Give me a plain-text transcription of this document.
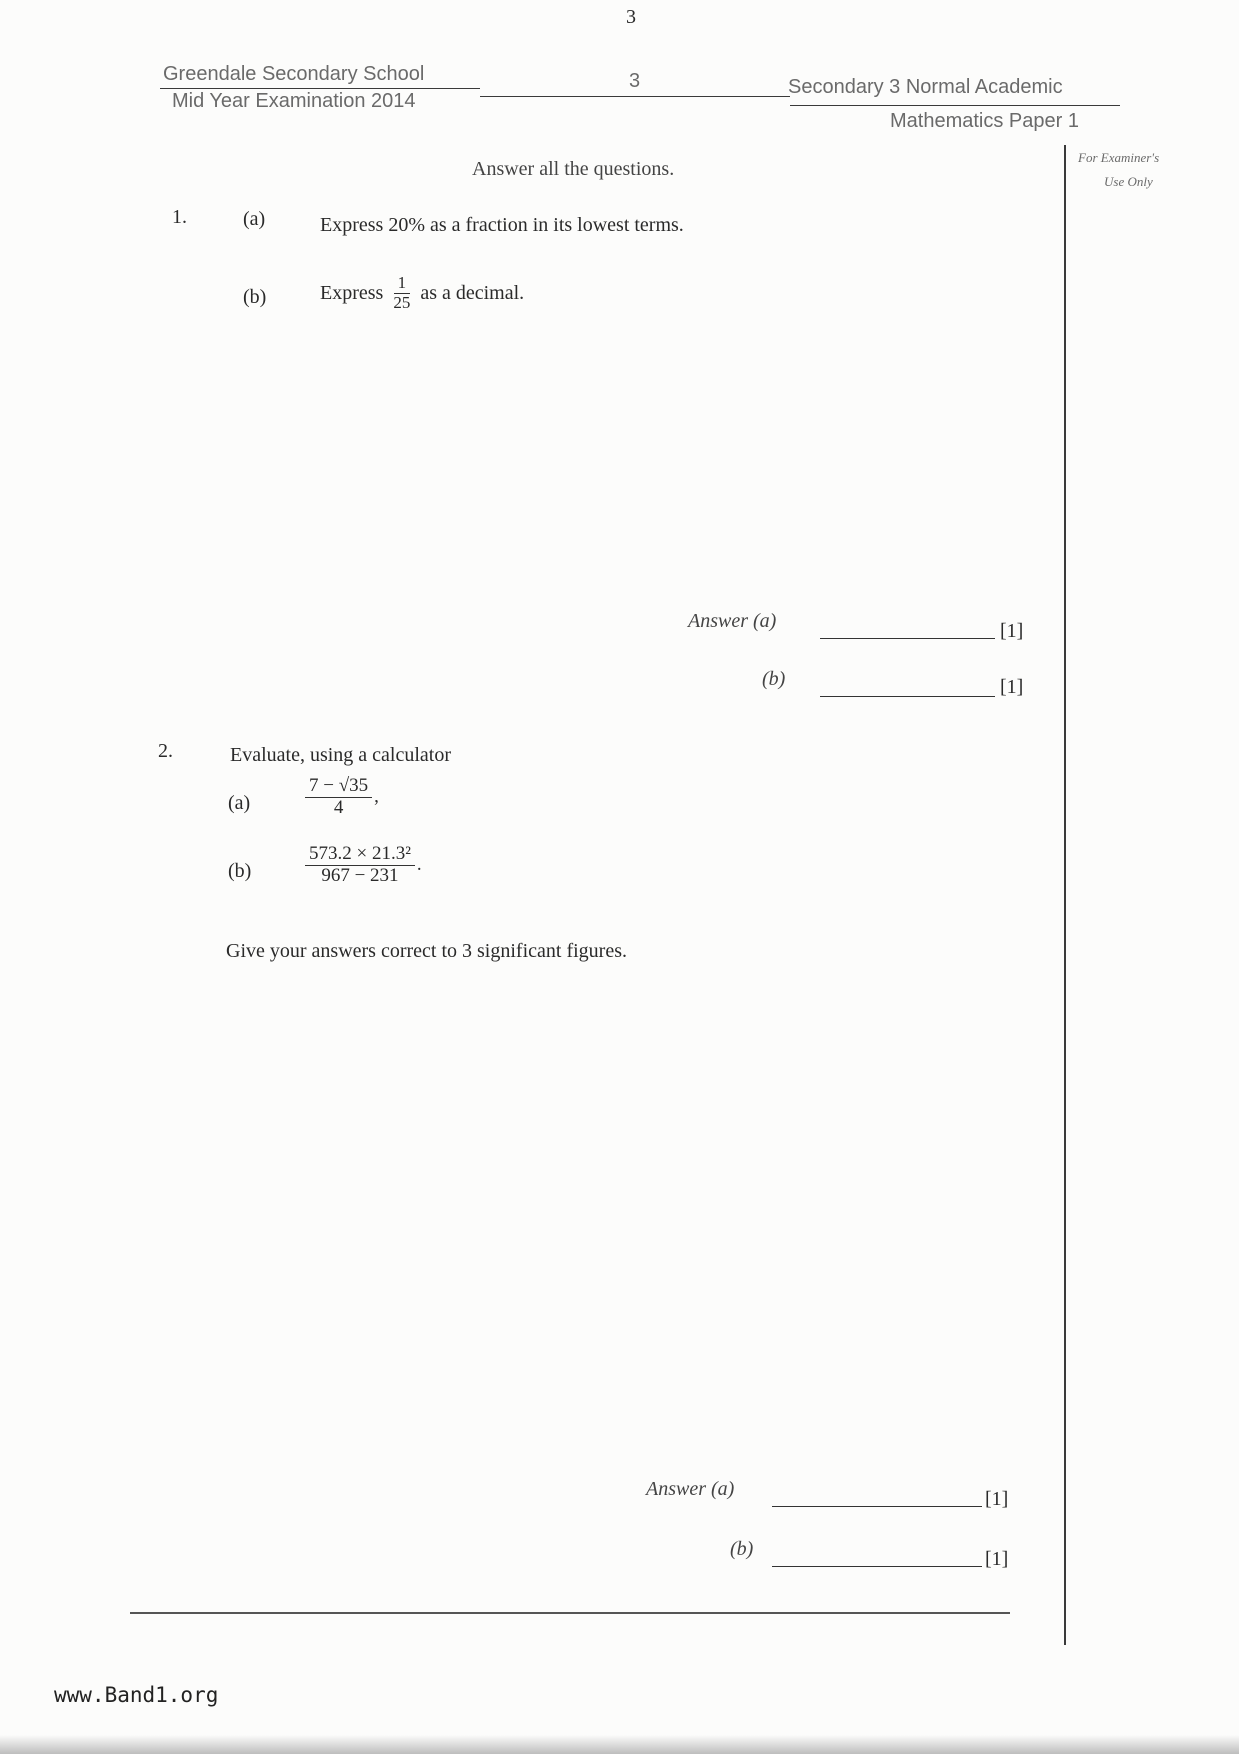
3
Greendale Secondary School
Mid Year Examination 2014
3	Secondary 3 Normal Academic
Mathematics Paper 1
For Examiner's
Use Only
Answer all the questions.
1.	(a)	Express 20% as a fraction in its lowest terms.
(b)	Express $\frac{1}{25}$ as a decimal.
Answer (a)	[1]
(b)	[1]
2.	Evaluate, using a calculator
(a)	$\frac{7 - √35}{4}$ ,
(b)	$\frac{\text{573.2 × 21.3²}}{967 - 231}$ .
Give your answers correct to 3 significant figures.
Answer (a)	[1]
(b)	[1]
www.Band1.org
